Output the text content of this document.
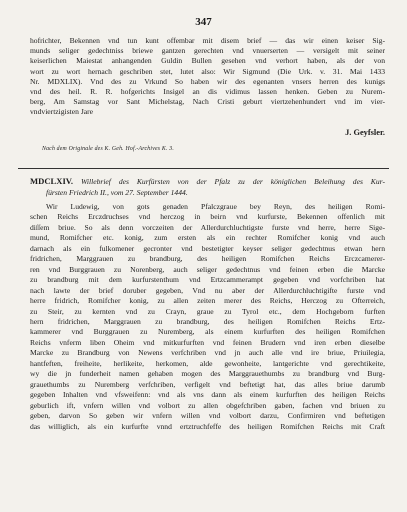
347
hofrichter, Bekennen vnd tun kunt offembar mit disem brief — das wir einen keiser Sig-
munds seliger gedechtniss briewe gantzen gerechten vnd vnuerserten — versigelt mit seiner
keiserlichen Maiestat anhangenden Guldin Bullen gesehen vnd verhort haben, als der von
wort zu wort hernach geschriben stet, lutet also: Wir Sigmund (Die Urk. v. 31. Mai 1433
Nr. MDXLIX). Vnd des zu Vrkund So haben wir des egenanten vnsers herren des kunigs
vnd des heil. R. R. hofgerichts Insigel an dis vidimus lassen henken. Geben zu Nurem-
berg, Am Samstag vor Sant Michelstag, Nach Cristi geburt viertzehenhundert vnd im vier-
vndviertzigisten Jare
J. Geyfsler.
Nach dem Originale des K. Geh. Hof.-Archives K. 3.
MDCLXIV. Willebrief des Kurfürsten von der Pfalz zu der königlichen Beleihung des Kur-
fürsten Friedrich II., vom 27. September 1444.
Wir Ludewig, von gots genaden Pfalczgraue bey Reyn, des heiligen Romi-
schen Reichs Erczdruchses vnd herczog in beirn vnd kurfurste, Bekennen offenlich mit
diſſem briue. So als denn vorczeiten der Allerdurchluchtigste furste vnd herre, herre Sige-
mund, Romifcher etc. konig, zum ersten als ein rechter Romifcher konig vnd auch
darnach als ein fulkomener gecronter vnd bestetigter keyser seliger gedechtnus etwan hern
fridrichen, Marggrauen zu brandburg, des heiligen Romifchen Reichs Erczcamerer-
ren vnd Burggrauen zu Norenberg, auch seliger gedechtnus vnd feinen erben die Marcke
zu brandburg mit dem kurfurstenthum vnd Ertzcammerampt gegeben vnd vorfchriben hat
nach lawte der brief doruber gegeben, Vnd nu aber der Allerdurchluchtigifte furste vnd
herre fridrich, Romifcher konig, zu allen zeiten merer des Reichs, Herczog zu Ofterreich,
zu Steir, zu kernten vnd zu Crayn, graue zu Tyrol etc., dem Hochgeborn furften
hern fridrichen, Marggrauen zu brandburg, des heiligen Romifchen Reichs Ertz-
kammerer vnd Burggrauen zu Nuremberg, als einem kurfurften des heiligen Romifchen
Reichs vnferm liben Oheim vnd mitkurfurften vnd feinen Brudern vnd iren erben dieselbe
Marcke zu Brandburg von Newens verfchriben vnd jn auch alle vnd ire briue, Priuilegia,
hantfeften, freiheite, herlikeite, herkomen, alde gewonheite, lantgerichte vnd gerechtikeite,
wy die jn funderheit namen gehaben mogen des Marggrauethumbs zu brandburg vnd Burg-
grauethumbs zu Nuremberg verfchriben, verfigelt vnd beftetigt hat, das alles briue darumb
gegeben Inhalten vnd vfsweifenn: vnd als vns dann als einem kurfurften des heiligen Reichs
geburlich ift, vnfern willen vnd volbort zu allen obgefchriben gaben, fachen vnd briuen zu
geben, darvon So geben wir vnfern willen vnd volbort darzu, Confirmiren vnd beftetigen
das williglich, als ein kurfurfte vnnd ertztruchfeffe des heiligen Romifchen Reichs mit Craft
